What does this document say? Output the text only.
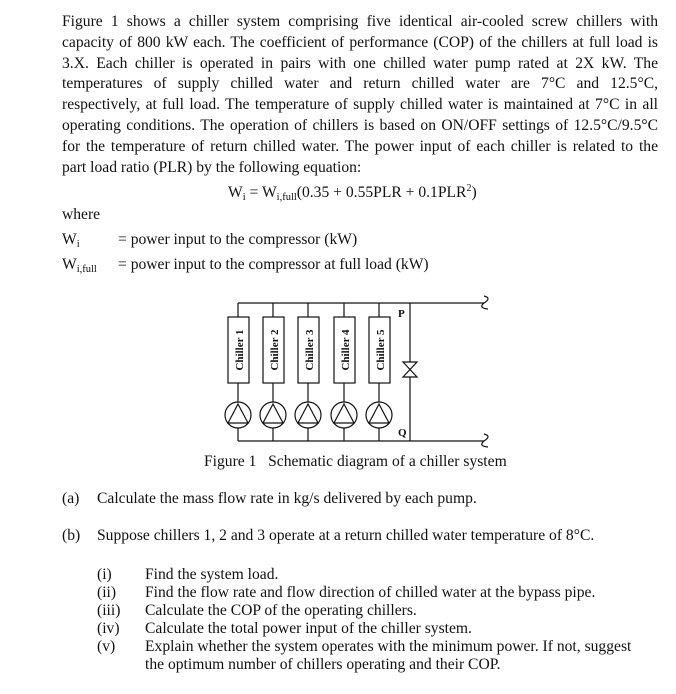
Figure 1 shows a chiller system comprising five identical air-cooled screw chillers with
capacity of 800 kW each. The coefficient of performance (COP) of the chillers at full load is
3.X. Each chiller is operated in pairs with one chilled water pump rated at 2X kW. The
temperatures of supply chilled water and return chilled water are 7°C and 12.5°C,
respectively, at full load. The temperature of supply chilled water is maintained at 7°C in all
operating conditions. The operation of chillers is based on ON/OFF settings of 12.5°C/9.5°C
for the temperature of return chilled water. The power input of each chiller is related to the
part load ratio (PLR) by the following equation:
$W_i = W_{i,full}(0.35 + 0.55PLR + 0.1PLR^2)$
where
$W_i$ = power input to the compressor (kW)
$W_{i,full}$ = power input to the compressor at full load (kW)
Chiller 1 Chiller 2 Chiller 3 Chiller 4 Chiller 5
P
Q
Figure 1   Schematic diagram of a chiller system
(a) Calculate the mass flow rate in kg/s delivered by each pump.
(b) Suppose chillers 1, 2 and 3 operate at a return chilled water temperature of 8°C.
(i) Find the system load.
(ii) Find the flow rate and flow direction of chilled water at the bypass pipe.
(iii) Calculate the COP of the operating chillers.
(iv) Calculate the total power input of the chiller system.
(v) Explain whether the system operates with the minimum power. If not, suggest
the optimum number of chillers operating and their COP.
